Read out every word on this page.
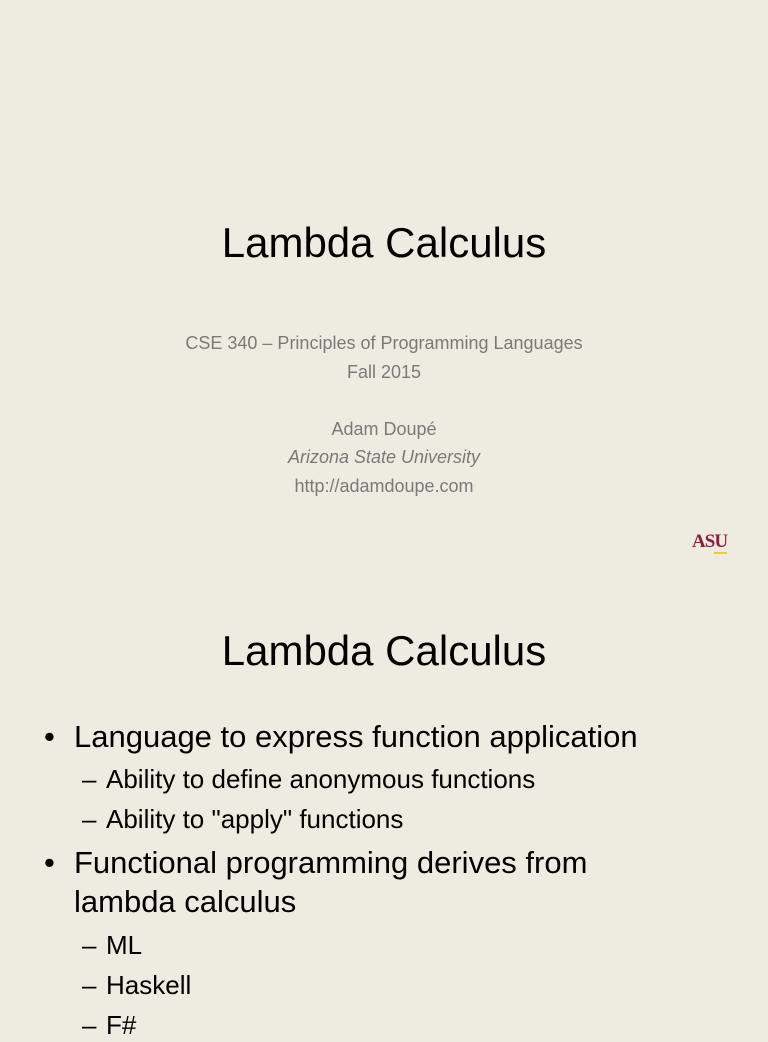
Lambda Calculus
CSE 340 – Principles of Programming Languages
Fall 2015
Adam Doupé
Arizona State University
http://adamdoupe.com
ASU
Lambda Calculus
• Language to express function application
– Ability to define anonymous functions
– Ability to "apply" functions
• Functional programming derives from
lambda calculus
– ML
– Haskell
– F#
